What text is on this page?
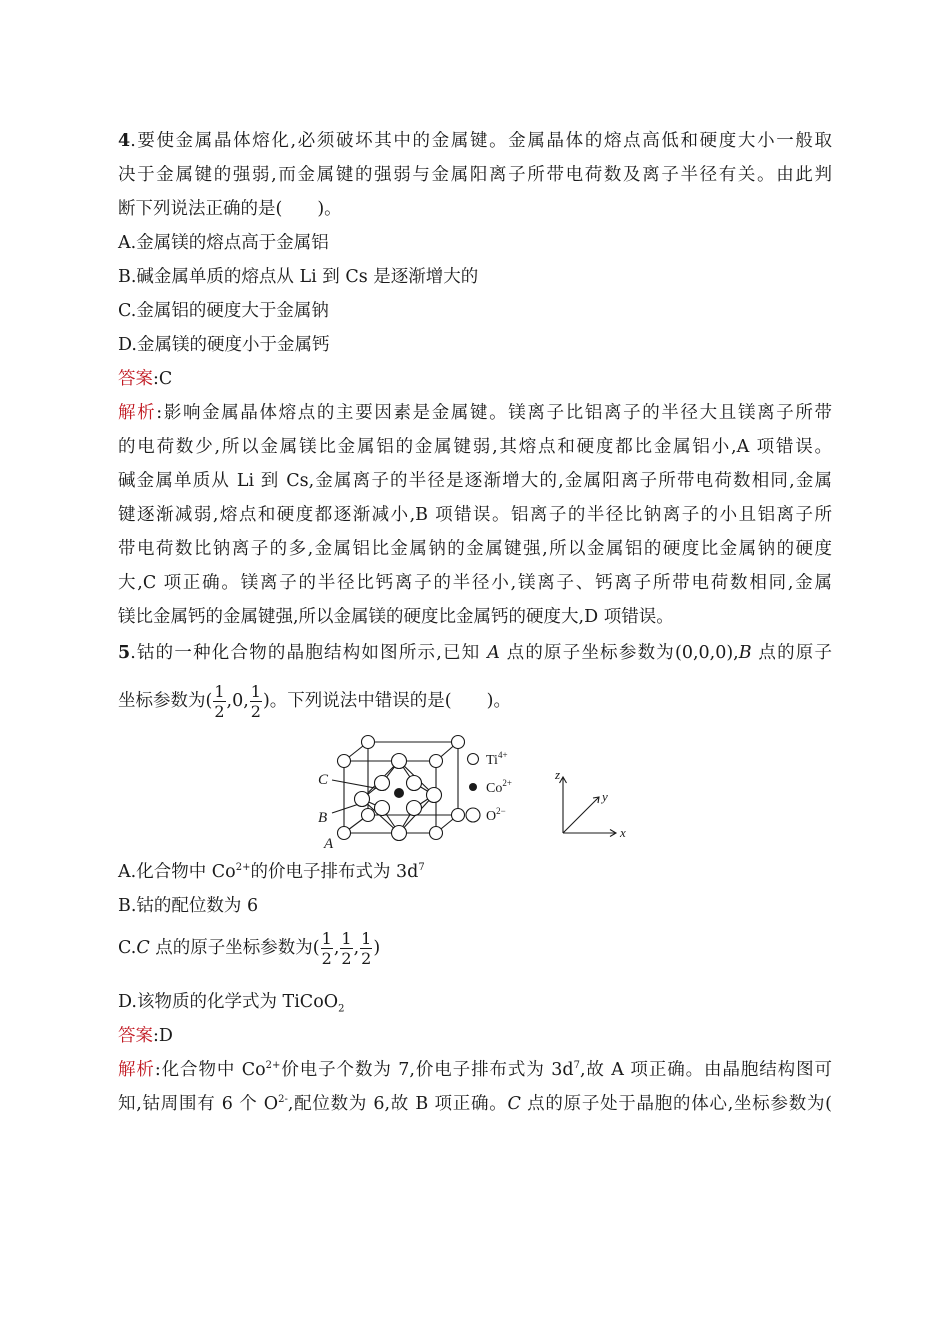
4.要使金属晶体熔化,必须破坏其中的金属键。金属晶体的熔点高低和硬度大小一般取
决于金属键的强弱,而金属键的强弱与金属阳离子所带电荷数及离子半径有关。由此判
断下列说法正确的是(　　)。
A.金属镁的熔点高于金属铝
B.碱金属单质的熔点从 Li 到 Cs 是逐渐增大的
C.金属铝的硬度大于金属钠
D.金属镁的硬度小于金属钙
答案:C
解析:影响金属晶体熔点的主要因素是金属键。镁离子比铝离子的半径大且镁离子所带
的电荷数少,所以金属镁比金属铝的金属键弱,其熔点和硬度都比金属铝小,A 项错误。
碱金属单质从 Li 到 Cs,金属离子的半径是逐渐增大的,金属阳离子所带电荷数相同,金属
键逐渐减弱,熔点和硬度都逐渐减小,B 项错误。铝离子的半径比钠离子的小且铝离子所
带电荷数比钠离子的多,金属铝比金属钠的金属键强,所以金属铝的硬度比金属钠的硬度
大,C 项正确。镁离子的半径比钙离子的半径小,镁离子、钙离子所带电荷数相同,金属
镁比金属钙的金属键强,所以金属镁的硬度比金属钙的硬度大,D 项错误。
5.钴的一种化合物的晶胞结构如图所示,已知 A 点的原子坐标参数为(0,0,0),B 点的原子
坐标参数为( $\frac{1}{2} ,0$, $\frac{1}{2}$ )。下列说法中错误的是(　　)。
C
B
A
$Ti^{4+}$
$Co^{2+}$
$O^{2-}$
z
y
x
A.化合物中 $Co^{2+}$的价电子排布式为 $3d^7$
B.钴的配位数为 6
C.C 点的原子坐标参数为( $\frac{1}{2}$ , $\frac{1}{2}$ , $\frac{1}{2}$ )
D.该物质的化学式为 TiCoO$_2$
答案:D
解析:化合物中 $Co^{2+}$价电子个数为 7,价电子排布式为 $3d^7$,故 A 项正确。由晶胞结构图可
知,钴周围有 6 个 $O^{2-}$,配位数为 6,故 B 项正确。C 点的原子处于晶胞的体心,坐标参数为(
